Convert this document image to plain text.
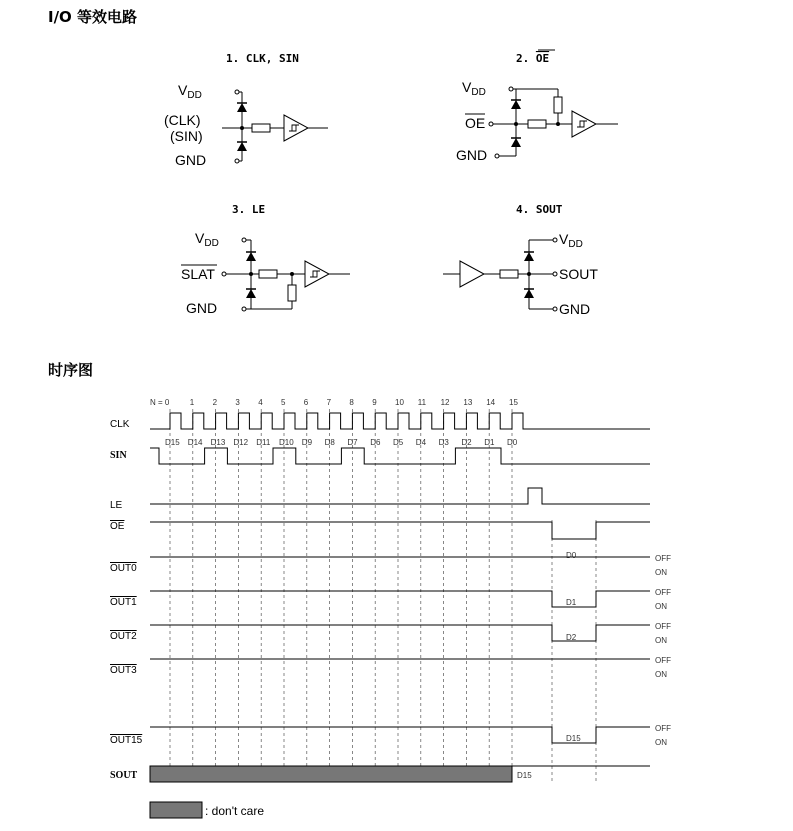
I/O 等效电路
时序图
1. CLK, SIN
$V_{DD}$
(CLK)
(SIN)
GND
2. OE
$V_{DD}$
OE
GND
3. LE
$V_{DD}$
SLAT
GND
4. SOUT
$V_{DD}$
SOUT
GND
N = 0	1 2 3 4 5 6 7 8 9 10 11 12 13 14 15
D15 D14 D13 D12 D11 D10 D9 D8 D7 D6 D5 D4 D3 D2 D1 D0
CLK
SIN
LE
OE
OUT0
OUT1
OUT2
OUT3
OUT15
SOUT
OFF
ON
OFF
ON
OFF
ON
OFF
ON
OFF
ON
D0
D1
D2
D15
D15
: don't care
